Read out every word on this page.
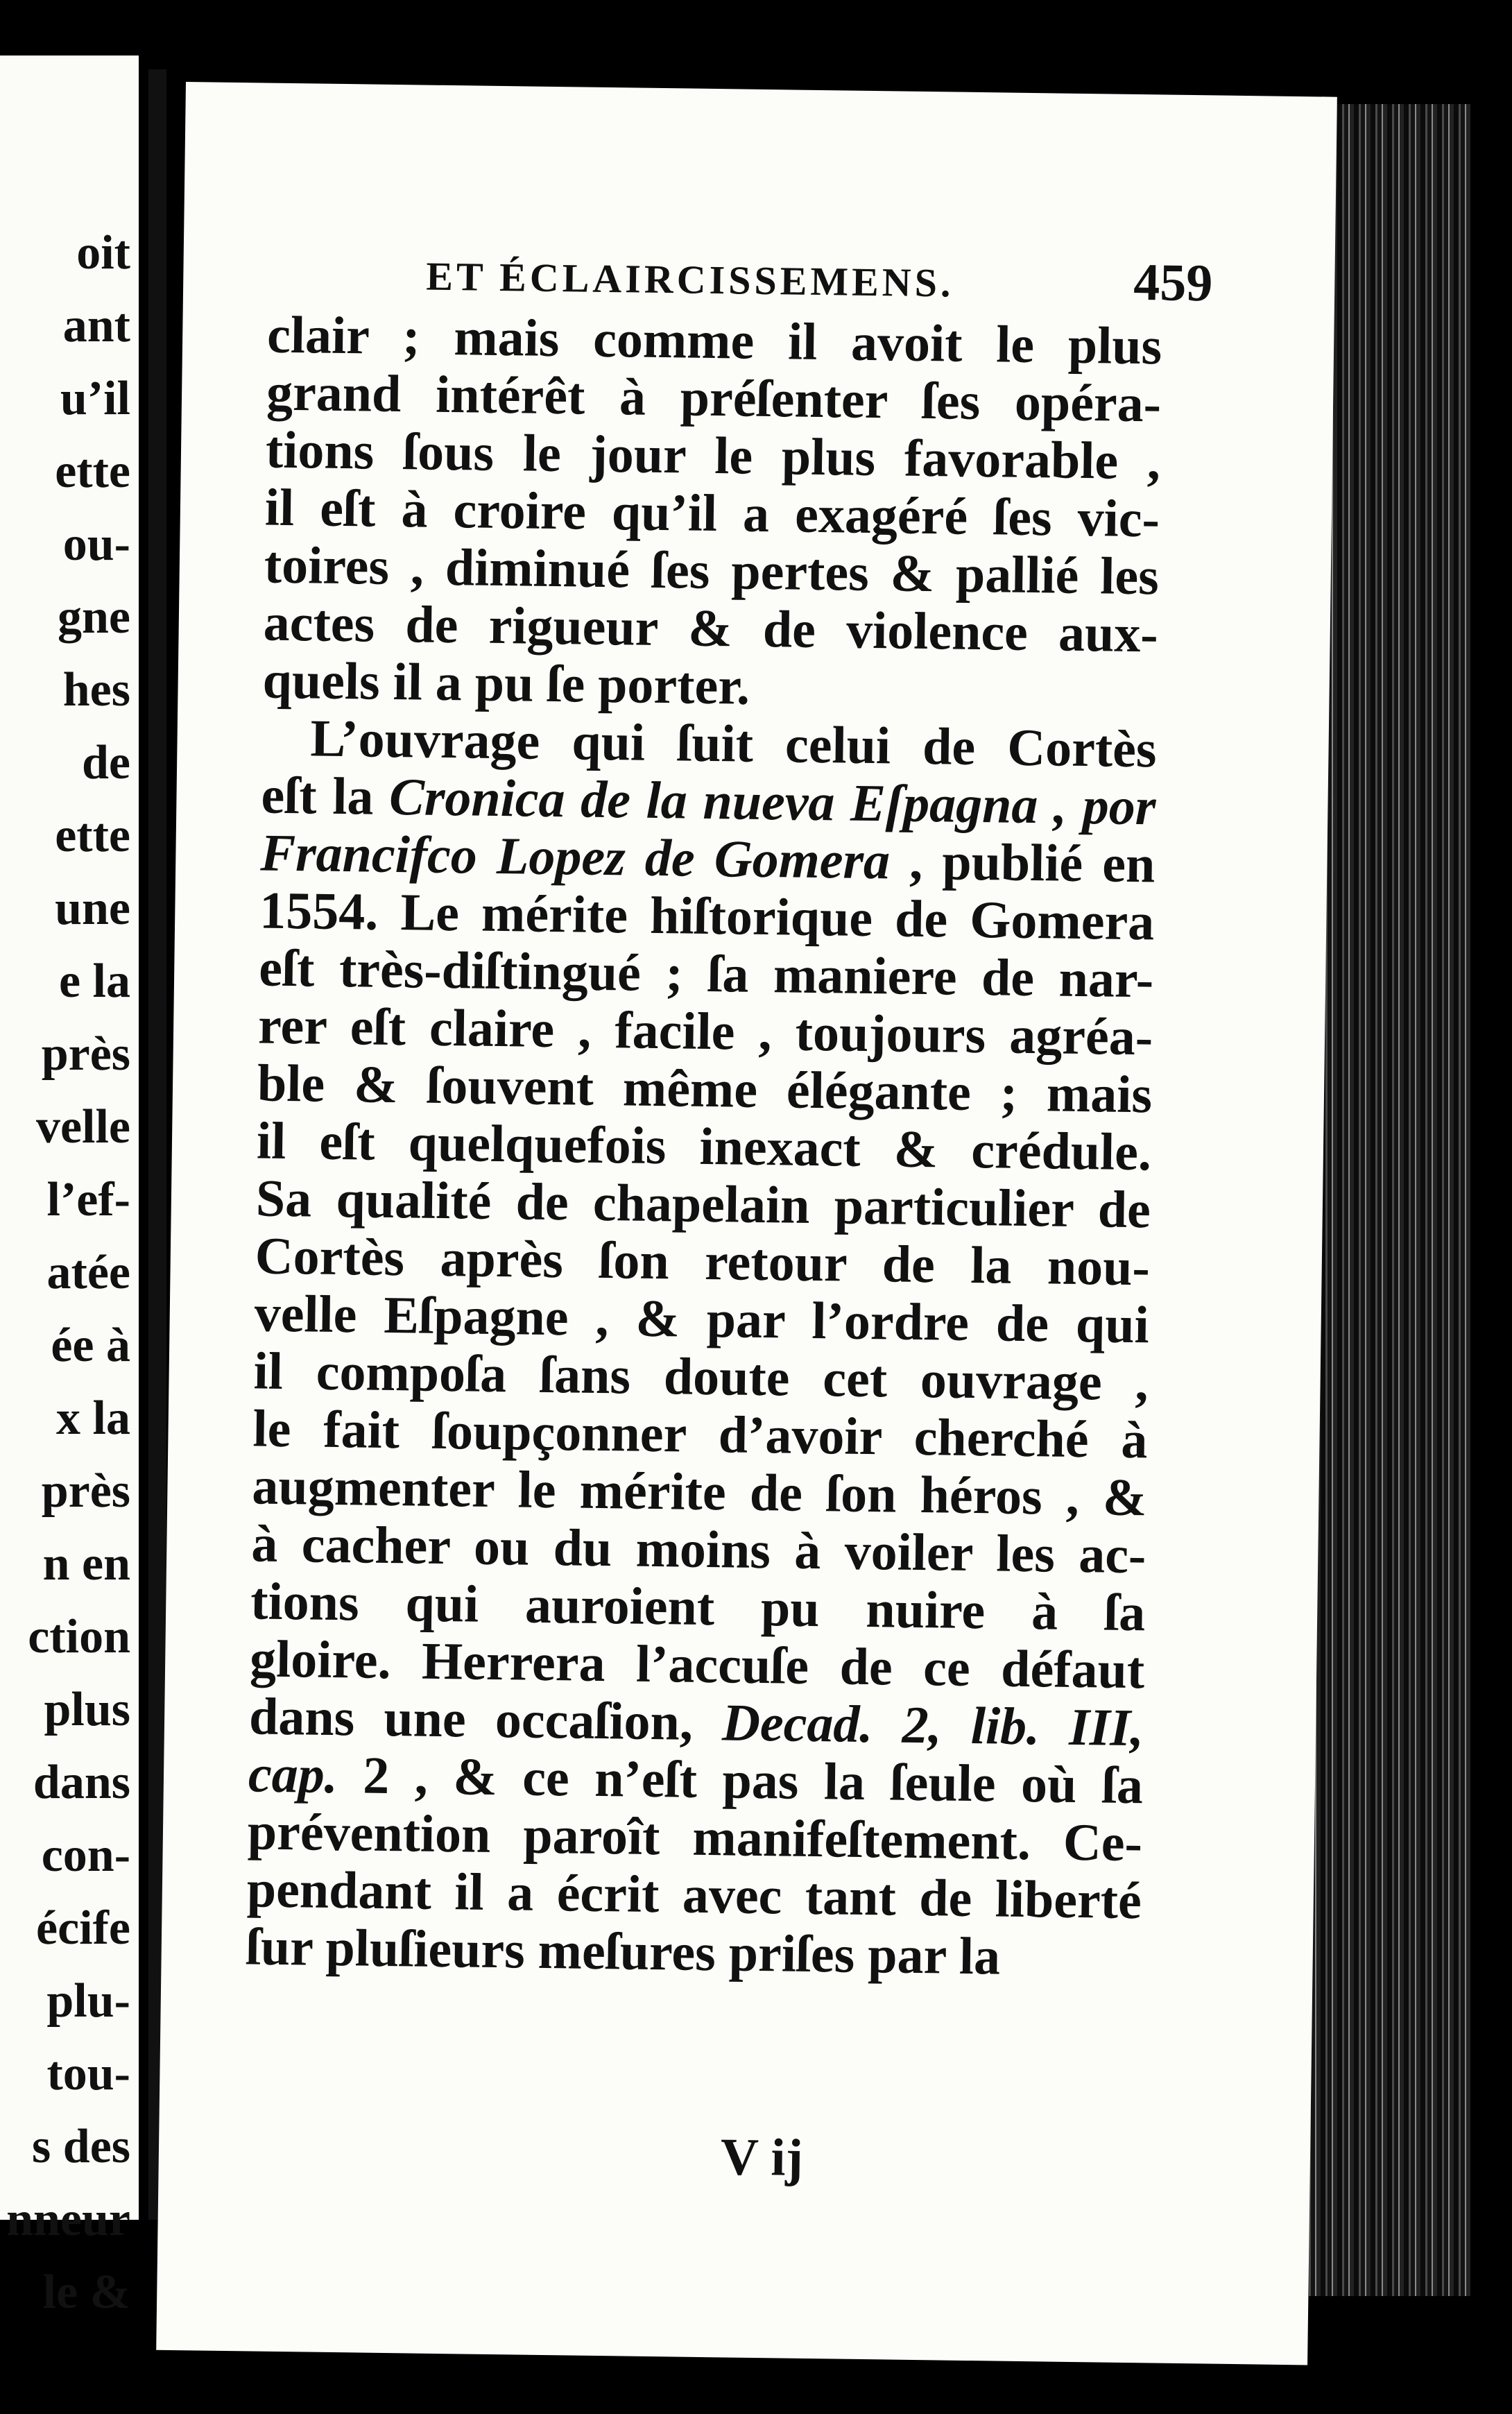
oit
ant
u’il
ette
ou-
gne
hes
de
ette
une
e la
près
velle
l’ef-
atée
ée à
x la
près
n en
ction
plus
dans
con-
écife
plu-
tou-
s des
nneur
le &
ET ÉCLAIRCISSEMENS.	459
clair ; mais comme il avoit le plus
grand intérêt à préſenter ſes opéra-
tions ſous le jour le plus favorable ,
il eſt à croire qu’il a exagéré ſes vic-
toires , diminué ſes pertes & pallié les
actes de rigueur & de violence aux-
quels il a pu ſe porter.
L’ouvrage qui ſuit celui de Cortès
eſt la Cronica de la nueva Eſpagna , por
Francifco Lopez de Gomera , publié en
1554. Le mérite hiſtorique de Gomera
eſt très-diſtingué ; ſa maniere de nar-
rer eſt claire , facile , toujours agréa-
ble & ſouvent même élégante ; mais
il eſt quelquefois inexact & crédule.
Sa qualité de chapelain particulier de
Cortès après ſon retour de la nou-
velle Eſpagne , & par l’ordre de qui
il compoſa ſans doute cet ouvrage ,
le fait ſoupçonner d’avoir cherché à
augmenter le mérite de ſon héros , &
à cacher ou du moins à voiler les ac-
tions qui auroient pu nuire à ſa
gloire. Herrera l’accuſe de ce défaut
dans une occaſion, Decad. 2, lib. III,
cap. 2 , & ce n’eſt pas la ſeule où ſa
prévention paroît manifeſtement. Ce-
pendant il a écrit avec tant de liberté
ſur pluſieurs meſures priſes par la
V ij
